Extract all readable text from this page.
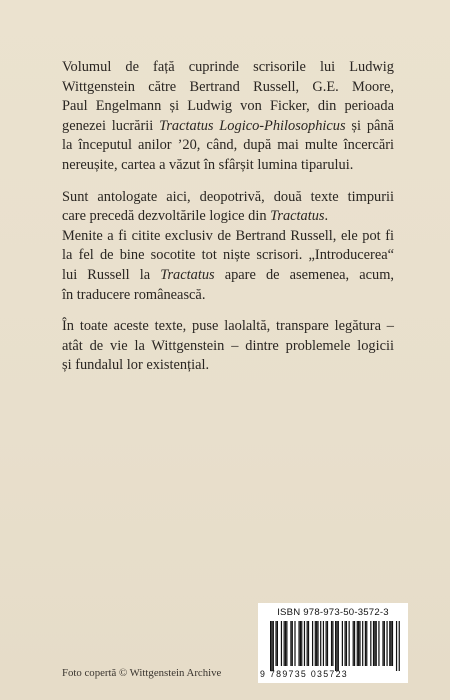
Volumul de față cuprinde scrisorile lui Ludwig
Wittgenstein către Bertrand Russell, G.E. Moore,
Paul Engelmann și Ludwig von Ficker, din perioada
genezei lucrării Tractatus Logico-Philosophicus și până
la începutul anilor ’20, când, după mai multe încercări
nereușite, cartea a văzut în sfârșit lumina tiparului.

Sunt antologate aici, deopotrivă, două texte timpurii
care precedă dezvoltările logice din Tractatus.
Menite a fi citite exclusiv de Bertrand Russell, ele pot fi
la fel de bine socotite tot niște scrisori. „Introducerea“
lui Russell la Tractatus apare de asemenea, acum,
în traducere românească.

În toate aceste texte, puse laolaltă, transpare legătura –
atât de vie la Wittgenstein – dintre problemele logicii
și fundalul lor existențial.

ISBN 978-973-50-3572-3
9 789735 035723
Foto copertă © Wittgenstein Archive
